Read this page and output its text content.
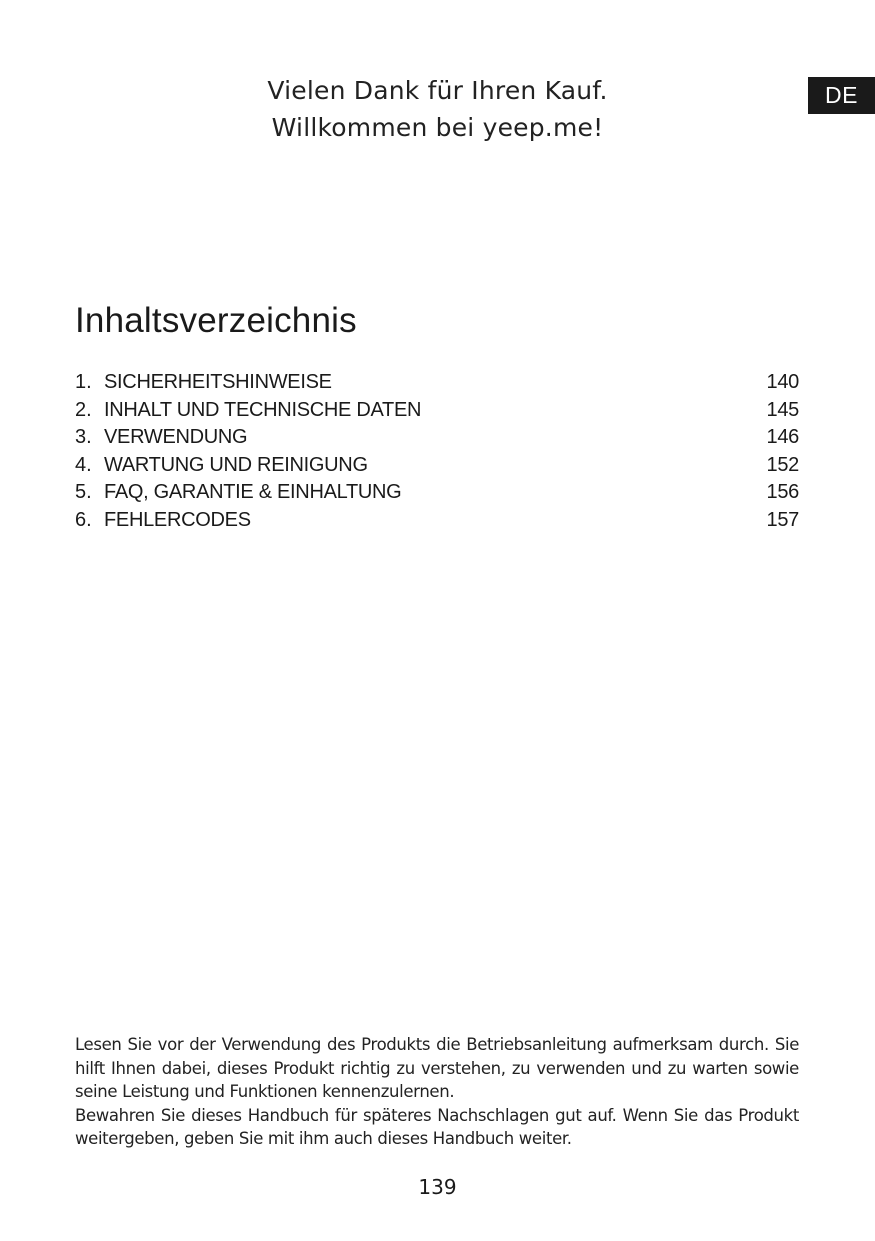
DE
Vielen Dank für Ihren Kauf.
Willkommen bei yeep.me!
Inhaltsverzeichnis
1. SICHERHEITSHINWEISE	140
2. INHALT UND TECHNISCHE DATEN	145
3. VERWENDUNG	146
4. WARTUNG UND REINIGUNG	152
5. FAQ, GARANTIE & EINHALTUNG	156
6. FEHLERCODES	157

Lesen Sie vor der Verwendung des Produkts die Betriebsanleitung aufmerksam durch. Sie hilft Ihnen dabei, dieses Produkt richtig zu verstehen, zu verwenden und zu warten sowie seine Leistung und Funktionen kennenzulernen.

Bewahren Sie dieses Handbuch für späteres Nachschlagen gut auf. Wenn Sie das Produkt weitergeben, geben Sie mit ihm auch dieses Handbuch weiter.

139
